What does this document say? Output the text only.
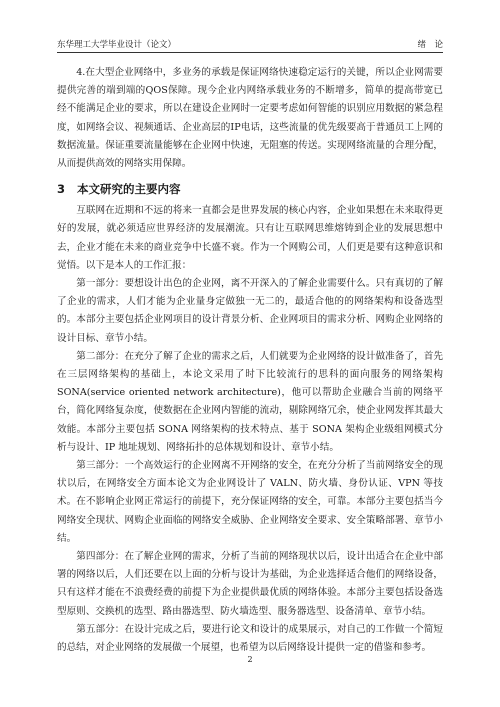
东华理工大学毕业设计（论文）	绪　论

4.在大型企业网络中，多业务的承载是保证网络快速稳定运行的关键，所以企业网需要提供完善的端到端的QOS保障。现今企业内网络承载业务的不断增多，简单的提高带宽已经不能满足企业的要求，所以在建设企业网时一定要考虑如何智能的识别应用数据的紧急程度，如网络会议、视频通话、企业高层的IP电话，这些流量的优先级要高于普通员工上网的数据流量。保证重要流量能够在企业网中快速，无阻塞的传送。实现网络流量的合理分配，从而提供高效的网络实用保障。

3 本文研究的主要内容

互联网在近期和不远的将来一直都会是世界发展的核心内容，企业如果想在未来取得更好的发展，就必须适应世界经济的发展潮流。只有让互联网思维熔铸到企业的发展思想中去，企业才能在未来的商业竞争中长盛不衰。作为一个网购公司，人们更是要有这种意识和觉悟。以下是本人的工作汇报：

第一部分：要想设计出色的企业网，离不开深入的了解企业需要什么。只有真切的了解了企业的需求，人们才能为企业量身定做独一无二的，最适合他的的网络架构和设备选型的。本部分主要包括企业网项目的设计背景分析、企业网项目的需求分析、网购企业网络的设计目标、章节小结。

第二部分：在充分了解了企业的需求之后，人们就要为企业网络的设计做准备了，首先在三层网络架构的基础上，本论文采用了时下比较流行的思科的面向服务的网络架构 SONA(service oriented network architecture)，他可以帮助企业融合当前的网络平台，简化网络复杂度，使数据在企业网内智能的流动，剔除网络冗余，使企业网发挥其最大效能。本部分主要包括 SONA 网络架构的技术特点、基于 SONA 架构企业级组网模式分析与设计、IP 地址规划、网络拓扑的总体规划和设计、章节小结。

第三部分：一个高效运行的企业网离不开网络的安全，在充分分析了当前网络安全的现状以后，在网络安全方面本论文为企业网设计了 VALN、防火墙、身份认证、VPN 等技术。在不影响企业网正常运行的前提下，充分保证网络的安全，可靠。本部分主要包括当今网络安全现状、网购企业面临的网络安全威胁、企业网络安全要求、安全策略部署、章节小结。

第四部分：在了解企业网的需求，分析了当前的网络现状以后，设计出适合在企业中部署的网络以后，人们还要在以上面的分析与设计为基础，为企业选择适合他们的网络设备，只有这样才能在不浪费经费的前提下为企业提供最优质的网络体验。本部分主要包括设备选型原则、交换机的选型、路由器选型、防火墙选型、服务器选型、设备清单、章节小结。

第五部分：在设计完成之后，要进行论文和设计的成果展示，对自己的工作做一个简短的总结，对企业网络的发展做一个展望，也希望为以后网络设计提供一定的借鉴和参考。

2
